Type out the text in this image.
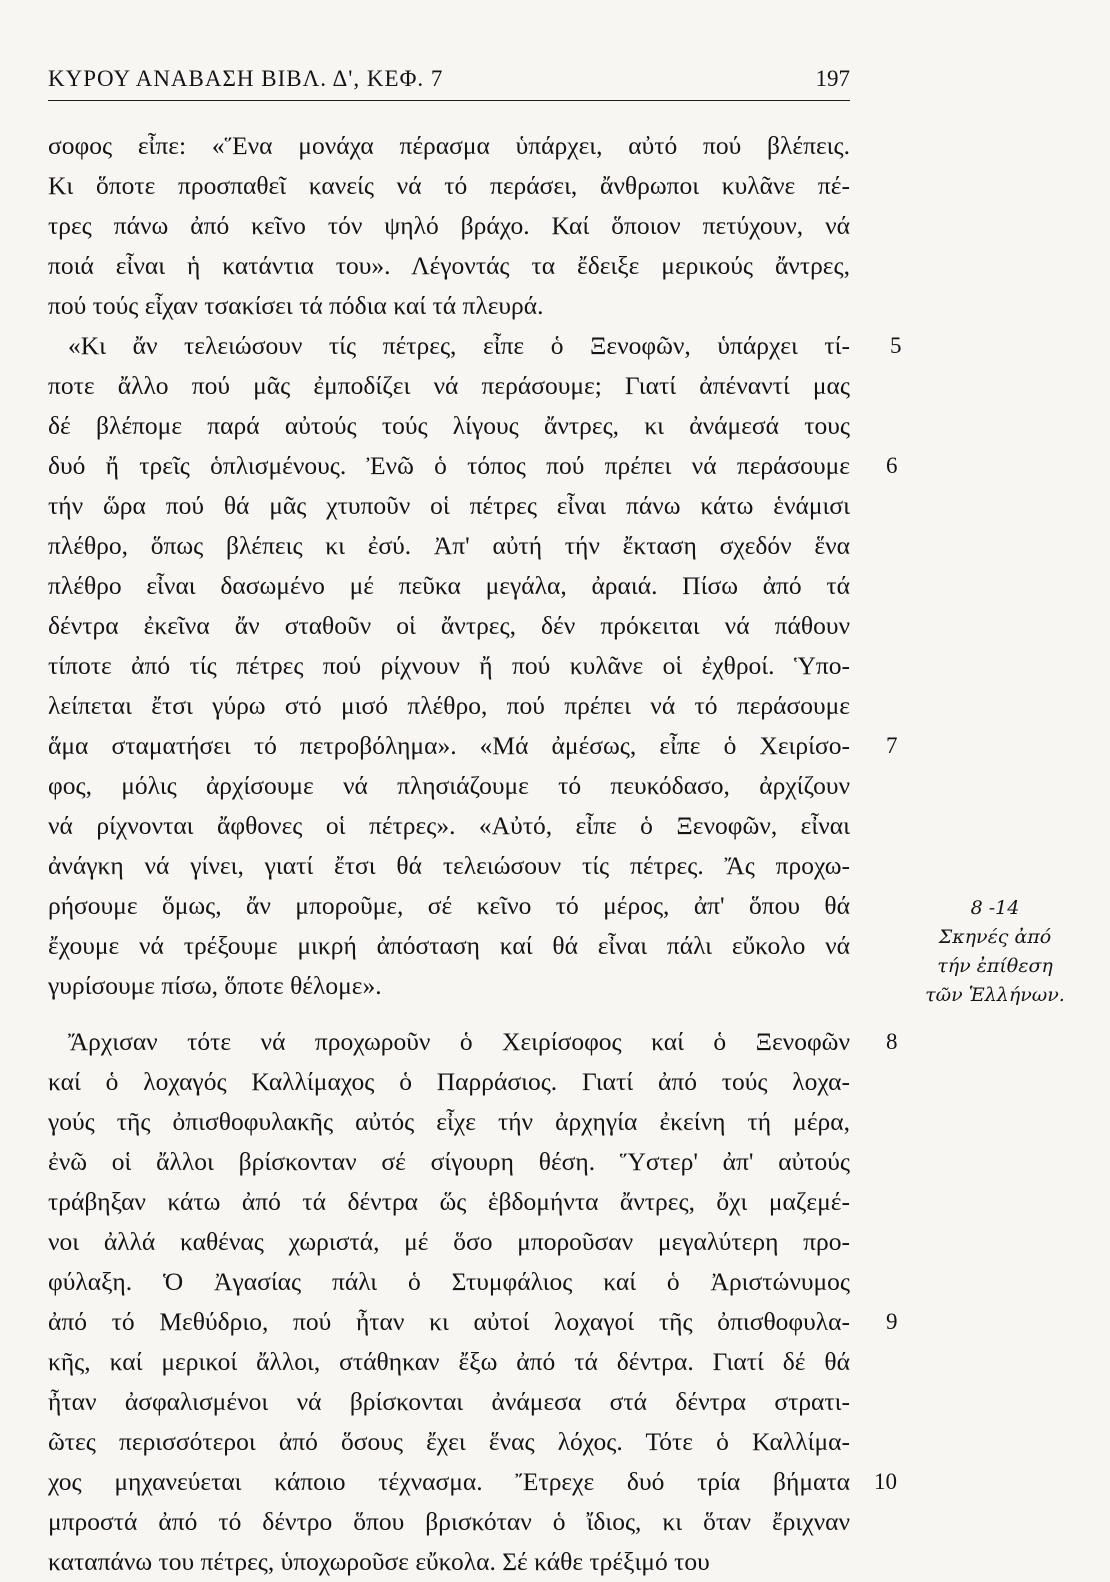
ΚΥΡΟΥ ΑΝΑΒΑΣΗ ΒΙΒΛ. Δ', ΚΕΦ. 7	197
σοφος εἶπε: «Ἕνα μονάχα πέρασμα ὑπάρχει, αὐτό πού βλέπεις.
Κι ὅποτε προσπαθεῖ κανείς νά τό περάσει, ἄνθρωποι κυλᾶνε πέ-
τρες πάνω ἀπό κεῖνο τόν ψηλό βράχο. Καί ὅποιον πετύχουν, νά
ποιά εἶναι ἡ κατάντια του». Λέγοντάς τα ἔδειξε μερικούς ἄντρες,
πού τούς εἶχαν τσακίσει τά πόδια καί τά πλευρά.
«Κι ἄν τελειώσουν τίς πέτρες, εἶπε ὁ Ξενοφῶν, ὑπάρχει τί-
ποτε ἄλλο πού μᾶς ἐμποδίζει νά περάσουμε; Γιατί ἀπέναντί μας
δέ βλέπομε παρά αὐτούς τούς λίγους ἄντρες, κι ἀνάμεσά τους
δυό ἤ τρεῖς ὁπλισμένους. Ἐνῶ ὁ τόπος πού πρέπει νά περάσουμε
τήν ὥρα πού θά μᾶς χτυποῦν οἱ πέτρες εἶναι πάνω κάτω ἑνάμισι
πλέθρο, ὅπως βλέπεις κι ἐσύ. Ἀπ' αὐτή τήν ἔκταση σχεδόν ἕνα
πλέθρο εἶναι δασωμένο μέ πεῦκα μεγάλα, ἀραιά. Πίσω ἀπό τά
δέντρα ἐκεῖνα ἄν σταθοῦν οἱ ἄντρες, δέν πρόκειται νά πάθουν
τίποτε ἀπό τίς πέτρες πού ρίχνουν ἤ πού κυλᾶνε οἱ ἐχθροί. Ὑπο-
λείπεται ἔτσι γύρω στό μισό πλέθρο, πού πρέπει νά τό περάσουμε
ἅμα σταματήσει τό πετροβόλημα». «Μά ἀμέσως, εἶπε ὁ Χειρίσο-
φος, μόλις ἀρχίσουμε νά πλησιάζουμε τό πευκόδασο, ἀρχίζουν
νά ρίχνονται ἄφθονες οἱ πέτρες». «Αὐτό, εἶπε ὁ Ξενοφῶν, εἶναι
ἀνάγκη νά γίνει, γιατί ἔτσι θά τελειώσουν τίς πέτρες. Ἄς προχω-
ρήσουμε ὅμως, ἄν μποροῦμε, σέ κεῖνο τό μέρος, ἀπ' ὅπου θά
ἔχουμε νά τρέξουμε μικρή ἀπόσταση καί θά εἶναι πάλι εὔκολο νά
γυρίσουμε πίσω, ὅποτε θέλομε».
Ἄρχισαν τότε νά προχωροῦν ὁ Χειρίσοφος καί ὁ Ξενοφῶν
καί ὁ λοχαγός Καλλίμαχος ὁ Παρράσιος. Γιατί ἀπό τούς λοχα-
γούς τῆς ὀπισθοφυλακῆς αὐτός εἶχε τήν ἀρχηγία ἐκείνη τή μέρα,
ἐνῶ οἱ ἄλλοι βρίσκονταν σέ σίγουρη θέση. Ὕστερ' ἀπ' αὐτούς
τράβηξαν κάτω ἀπό τά δέντρα ὥς ἑβδομήντα ἄντρες, ὄχι μαζεμέ-
νοι ἀλλά καθένας χωριστά, μέ ὅσο μποροῦσαν μεγαλύτερη προ-
φύλαξη. Ὁ Ἀγασίας πάλι ὁ Στυμφάλιος καί ὁ Ἀριστώνυμος
ἀπό τό Μεθύδριο, πού ἦταν κι αὐτοί λοχαγοί τῆς ὀπισθοφυλα-
κῆς, καί μερικοί ἄλλοι, στάθηκαν ἔξω ἀπό τά δέντρα. Γιατί δέ θά
ἦταν ἀσφαλισμένοι νά βρίσκονται ἀνάμεσα στά δέντρα στρατι-
ῶτες περισσότεροι ἀπό ὅσους ἔχει ἕνας λόχος. Τότε ὁ Καλλίμα-
χος μηχανεύεται κάποιο τέχνασμα. Ἔτρεχε δυό τρία βήματα
μπροστά ἀπό τό δέντρο ὅπου βρισκόταν ὁ ἴδιος, κι ὅταν ἔριχναν
καταπάνω του πέτρες, ὑποχωροῦσε εὔκολα. Σέ κάθε τρέξιμό του
5
6
7
8
9
10
8 -14
Σκηνές ἀπό
τήν ἐπίθεση
τῶν Ἑλλήνων.
